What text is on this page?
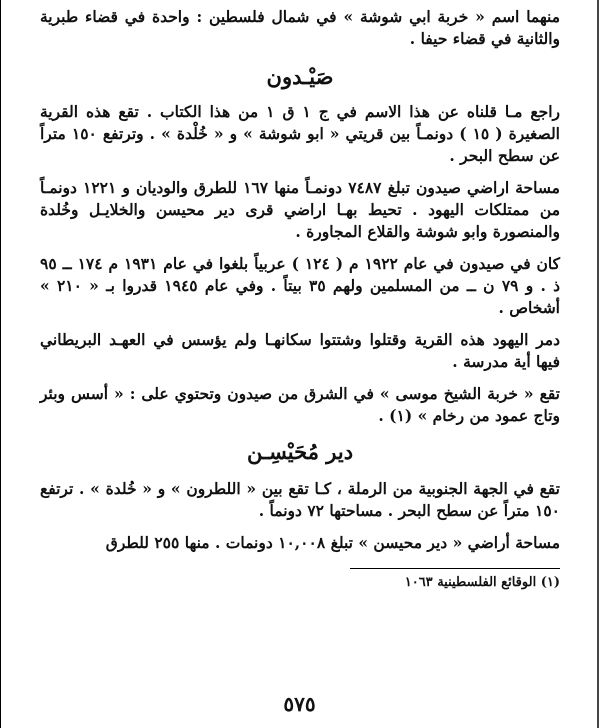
منهما اسم « خربة ابي شوشة » في شمال فلسطين : واحدة في قضاء طبرية والثانية في قضاء حيفا .

صَيْـدون

راجع مـا قلناه عن هذا الاسم في ج ١ ق ١ من هذا الكتاب . تقع هذه القرية الصغيرة ( ١٥ ) دونمـاً بين قريتي « ابو شوشة » و « خُلْدة » . وترتفع ١٥٠ متراً عن سطح البحر .

مساحة اراضي صيدون تبلغ ٧٤٨٧ دونمـاً منها ١٦٧ للطرق والوديان و ١٢٢١ دونمـاً من ممتلكات اليهود . تحيط بهـا اراضي قرى دير محيسن والخلايـل وخُلدة والمنصورة وابو شوشة والقلاع المجاورة .

كان في صيدون في عام ١٩٢٢ م ( ١٢٤ ) عربياً بلغوا في عام ١٩٣١ م ١٧٤ ــ ٩٥ ذ . و ٧٩ ن ــ من المسلمين ولهم ٣٥ بيتاً . وفي عام ١٩٤٥ قدروا بـ « ٢١٠ » أشخاص .

دمر اليهود هذه القرية وقتلوا وشتتوا سكانهـا ولم يؤسس في العهـد البريطاني فيها أية مدرسة .

تقع « خربة الشيخ موسى » في الشرق من صيدون وتحتوي على : « أسس وبئر وتاج عمود من رخام » (١) .

دير مُحَيْسِـن

تقع في الجهة الجنوبية من الرملة ، كـا تقع بين « اللطرون » و « خُلدة » . ترتفع ١٥٠ متراً عن سطح البحر . مساحتها ٧٢ دونماً .

مساحة أراضي « دير محيسن » تبلغ ١٠,٠٠٨ دونمات . منها ٢٥٥ للطرق

(١) الوقائع الفلسطينية ١٠٦٣

٥٧٥
